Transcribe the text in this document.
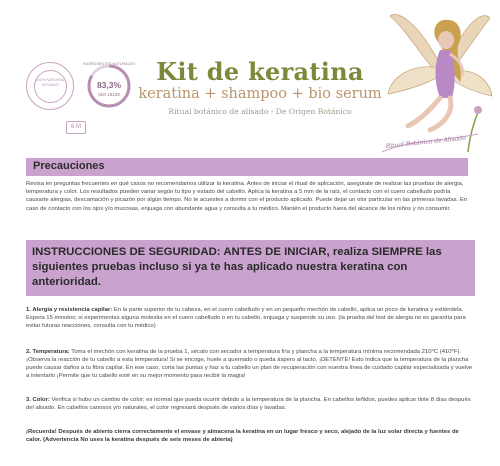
100% NATURAL VEGANO
INGREDIENTES NATURALES
83,3%
ISO 16128
6 M
Kit de keratina
keratina + shampoo + bio serum
Ritual botánico de alisado - De Origen Botánico
Ritual Botánico de Alisado
Precauciones
Revisa en preguntas frecuentes en qué casos no recomendamos utilizar la keratina. Antes de iniciar el ritual de aplicación, asegúrate de realizar las pruebas de alergia, temperatura y color. Los resultados pueden variar según tu tipo y estado del cabello. Aplica la keratina a 5 mm de la raíz, el contacto con el cuero cabelludo podría causarte alergias, descamación y picazón por algún tiempo. No te acuestes a dormir con el producto aplicado. Puede dejar un olor particular en las primeras lavadas. En caso de contacto con los ojos y/o mucosas, enjuaga con abundante agua y consulta a tu médico. Mantén el producto fuera del alcance de los niños y no consumir.
INSTRUCCIONES DE SEGURIDAD: ANTES DE INICIAR, realiza SIEMPRE las siguientes pruebas incluso si ya te has aplicado nuestra keratina con anterioridad.
1. Alergia y resistencia capilar: En la parte superior de tu cabeza, en el cuero cabelludo y en un pequeño mechón de cabello, aplica un poco de keratina y extiéndela. Espera 15 minutos; si experimentas alguna molestia en el cuero cabelludo o en tu cabello, enjuaga y suspende su uso. (la prueba del test de alergia no es garantía para evitar futuras reacciones, consulta con tu médico)
2. Temperatura: Toma el mechón con keratina de la prueba 1, sécalo con secador a temperatura fría y plancha a la temperatura mínima recomendada 210°C (410°F). ¡Observa la reacción de tu cabello a esta temperatura! Si se encoge, huele a quemado o queda áspero al tacto, ¡DETENTE! Esto indica que la temperatura de la plancha puede causar daños a tu fibra capilar. En ese caso, corta las puntas y haz a tu cabello un plan de recuperación con nuestra línea de cuidado capilar especializada y vuelve a intentarlo ¡Permite que tu cabello esté en su mejor momento para recibir la magia!
3. Color: Verifica si hubo un cambio de color; es normal que pueda ocurrir debido a la temperatura de la plancha. En cabellos teñidos, puedes aplicar tinte 8 días después del alisado. En cabellos canosos y/o naturales, el color regresará después de varios días y lavadas.
¡Recuerda! Después de abierto cierra correctamente el envase y almacena la keratina en un lugar fresco y seco, alejado de la luz solar directa y fuentes de calor. (Advertencia No uses la keratina después de seis meses de abierta)
